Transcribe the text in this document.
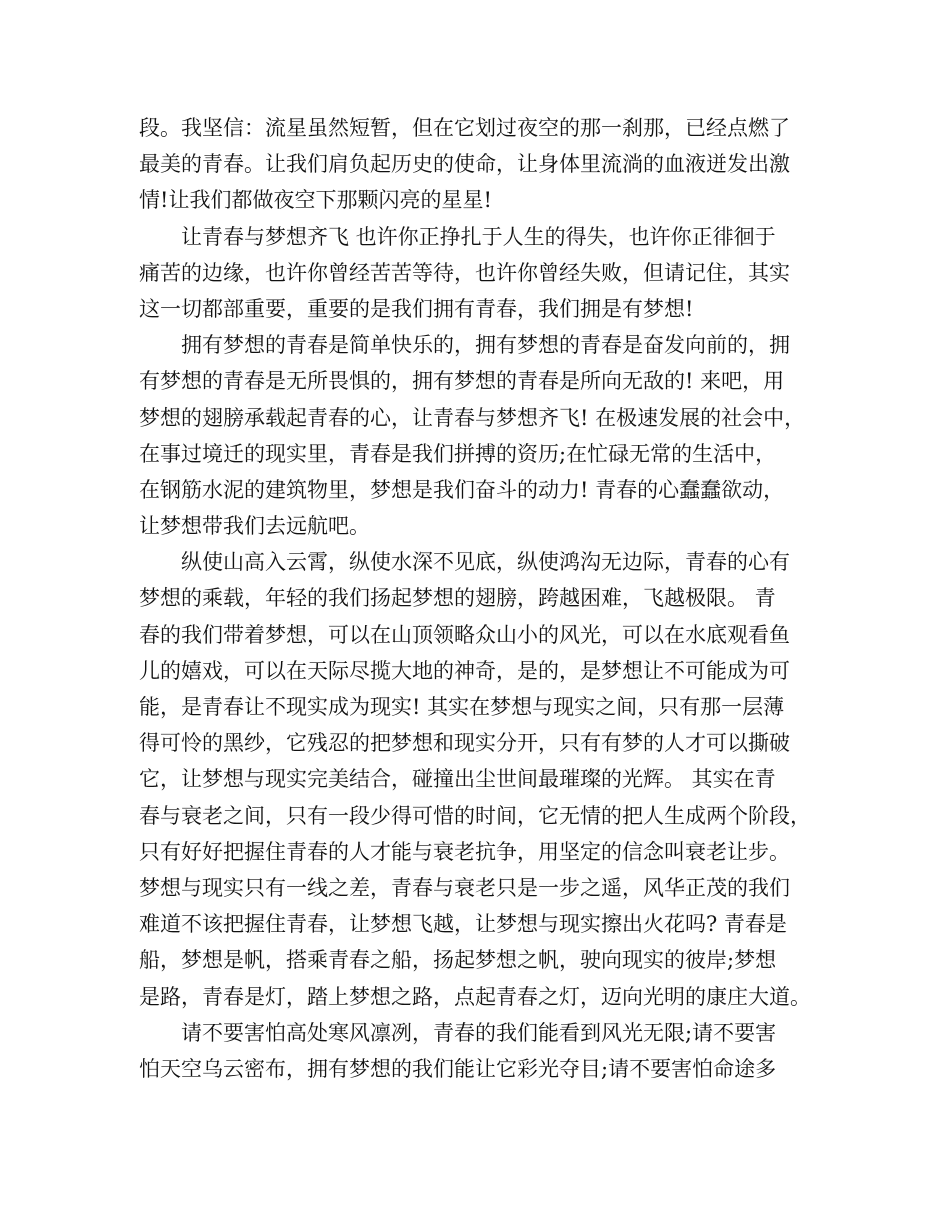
段。我坚信：流星虽然短暂，但在它划过夜空的那一刹那，已经点燃了
最美的青春。让我们肩负起历史的使命，让身体里流淌的血液迸发出激
情!让我们都做夜空下那颗闪亮的星星!
让青春与梦想齐飞 也许你正挣扎于人生的得失，也许你正徘徊于
痛苦的边缘，也许你曾经苦苦等待，也许你曾经失败，但请记住，其实
这一切都部重要，重要的是我们拥有青春，我们拥是有梦想!
拥有梦想的青春是简单快乐的，拥有梦想的青春是奋发向前的，拥
有梦想的青春是无所畏惧的，拥有梦想的青春是所向无敌的! 来吧，用
梦想的翅膀承载起青春的心，让青春与梦想齐飞! 在极速发展的社会中，
在事过境迁的现实里，青春是我们拼搏的资历;在忙碌无常的生活中，
在钢筋水泥的建筑物里，梦想是我们奋斗的动力! 青春的心蠢蠢欲动，
让梦想带我们去远航吧。
纵使山高入云霄，纵使水深不见底，纵使鸿沟无边际，青春的心有
梦想的乘载，年轻的我们扬起梦想的翅膀，跨越困难，飞越极限。 青
春的我们带着梦想，可以在山顶领略众山小的风光，可以在水底观看鱼
儿的嬉戏，可以在天际尽揽大地的神奇，是的，是梦想让不可能成为可
能，是青春让不现实成为现实! 其实在梦想与现实之间，只有那一层薄
得可怜的黑纱，它残忍的把梦想和现实分开，只有有梦的人才可以撕破
它，让梦想与现实完美结合，碰撞出尘世间最璀璨的光辉。 其实在青
春与衰老之间，只有一段少得可惜的时间，它无情的把人生成两个阶段，
只有好好把握住青春的人才能与衰老抗争，用坚定的信念叫衰老让步。
梦想与现实只有一线之差，青春与衰老只是一步之遥，风华正茂的我们
难道不该把握住青春，让梦想飞越，让梦想与现实擦出火花吗? 青春是
船，梦想是帆，搭乘青春之船，扬起梦想之帆，驶向现实的彼岸;梦想
是路，青春是灯，踏上梦想之路，点起青春之灯，迈向光明的康庄大道。
请不要害怕高处寒风凛冽，青春的我们能看到风光无限;请不要害
怕天空乌云密布，拥有梦想的我们能让它彩光夺目;请不要害怕命途多
